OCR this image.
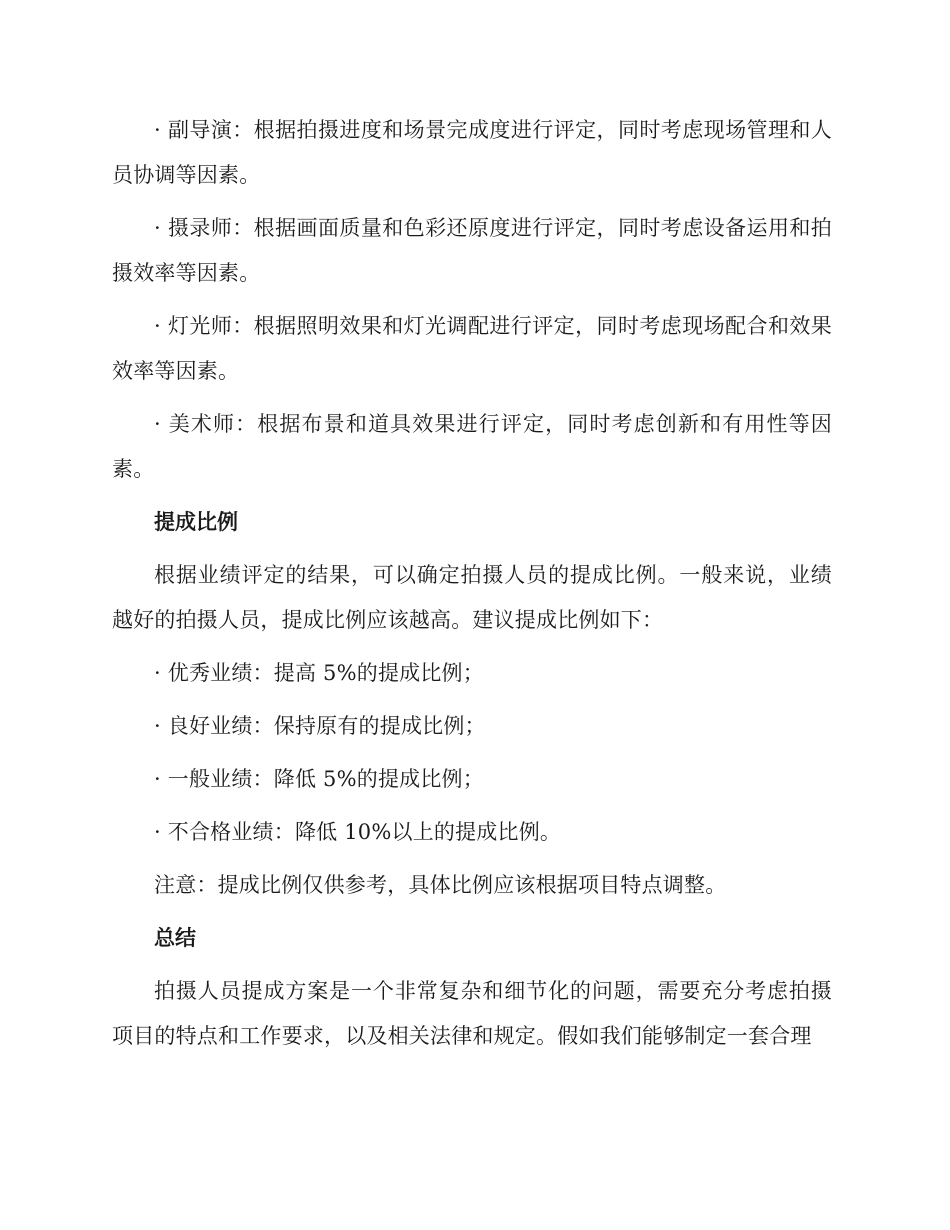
· 副导演：根据拍摄进度和场景完成度进行评定，同时考虑现场管理和人员协调等因素。

· 摄录师：根据画面质量和色彩还原度进行评定，同时考虑设备运用和拍摄效率等因素。

· 灯光师：根据照明效果和灯光调配进行评定，同时考虑现场配合和效果效率等因素。

· 美术师：根据布景和道具效果进行评定，同时考虑创新和有用性等因素。

提成比例

根据业绩评定的结果，可以确定拍摄人员的提成比例。一般来说，业绩越好的拍摄人员，提成比例应该越高。建议提成比例如下：

· 优秀业绩：提高 5%的提成比例；
· 良好业绩：保持原有的提成比例；
· 一般业绩：降低 5%的提成比例；
· 不合格业绩：降低 10%以上的提成比例。
注意：提成比例仅供参考，具体比例应该根据项目特点调整。
总结

拍摄人员提成方案是一个非常复杂和细节化的问题，需要充分考虑拍摄项目的特点和工作要求，以及相关法律和规定。假如我们能够制定一套合理
